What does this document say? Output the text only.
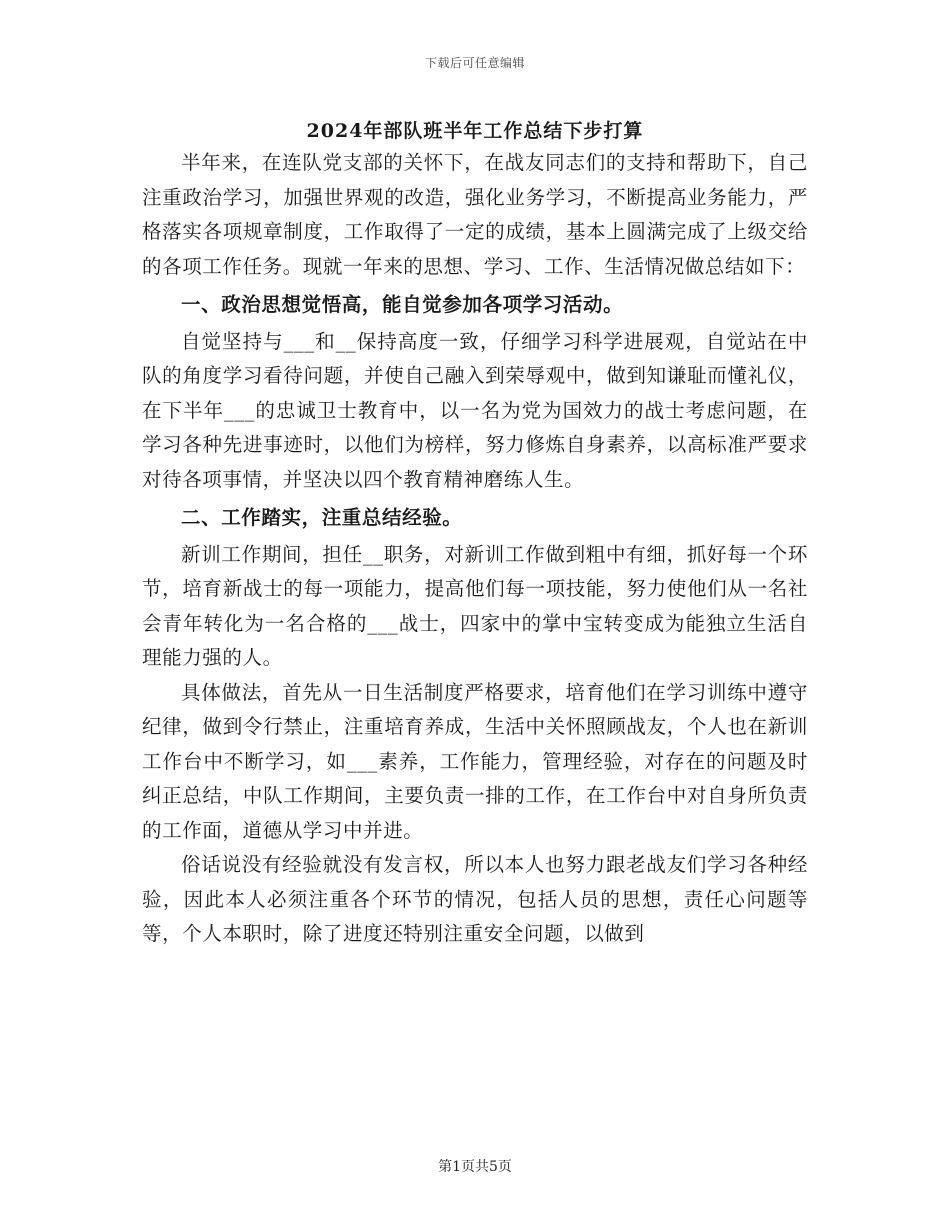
下载后可任意编辑
2024年部队班半年工作总结下步打算

半年来，在连队党支部的关怀下，在战友同志们的支持和帮助下，自己注重政治学习，加强世界观的改造，强化业务学习，不断提高业务能力，严格落实各项规章制度，工作取得了一定的成绩，基本上圆满完成了上级交给的各项工作任务。现就一年来的思想、学习、工作、生活情况做总结如下：

一、政治思想觉悟高，能自觉参加各项学习活动。

自觉坚持与___和__保持高度一致，仔细学习科学进展观，自觉站在中队的角度学习看待问题，并使自己融入到荣辱观中，做到知谦耻而懂礼仪，在下半年___的忠诚卫士教育中，以一名为党为国效力的战士考虑问题，在学习各种先进事迹时，以他们为榜样，努力修炼自身素养，以高标准严要求对待各项事情，并坚决以四个教育精神磨练人生。

二、工作踏实，注重总结经验。

新训工作期间，担任__职务，对新训工作做到粗中有细，抓好每一个环节，培育新战士的每一项能力，提高他们每一项技能，努力使他们从一名社会青年转化为一名合格的___战士，四家中的掌中宝转变成为能独立生活自理能力强的人。

具体做法，首先从一日生活制度严格要求，培育他们在学习训练中遵守纪律，做到令行禁止，注重培育养成，生活中关怀照顾战友，个人也在新训工作台中不断学习，如___素养，工作能力，管理经验，对存在的问题及时纠正总结，中队工作期间，主要负责一排的工作，在工作台中对自身所负责的工作面，道德从学习中并进。

俗话说没有经验就没有发言权，所以本人也努力跟老战友们学习各种经验，因此本人必须注重各个环节的情况，包括人员的思想，责任心问题等等，个人本职时，除了进度还特别注重安全问题，以做到

第1页共5页
